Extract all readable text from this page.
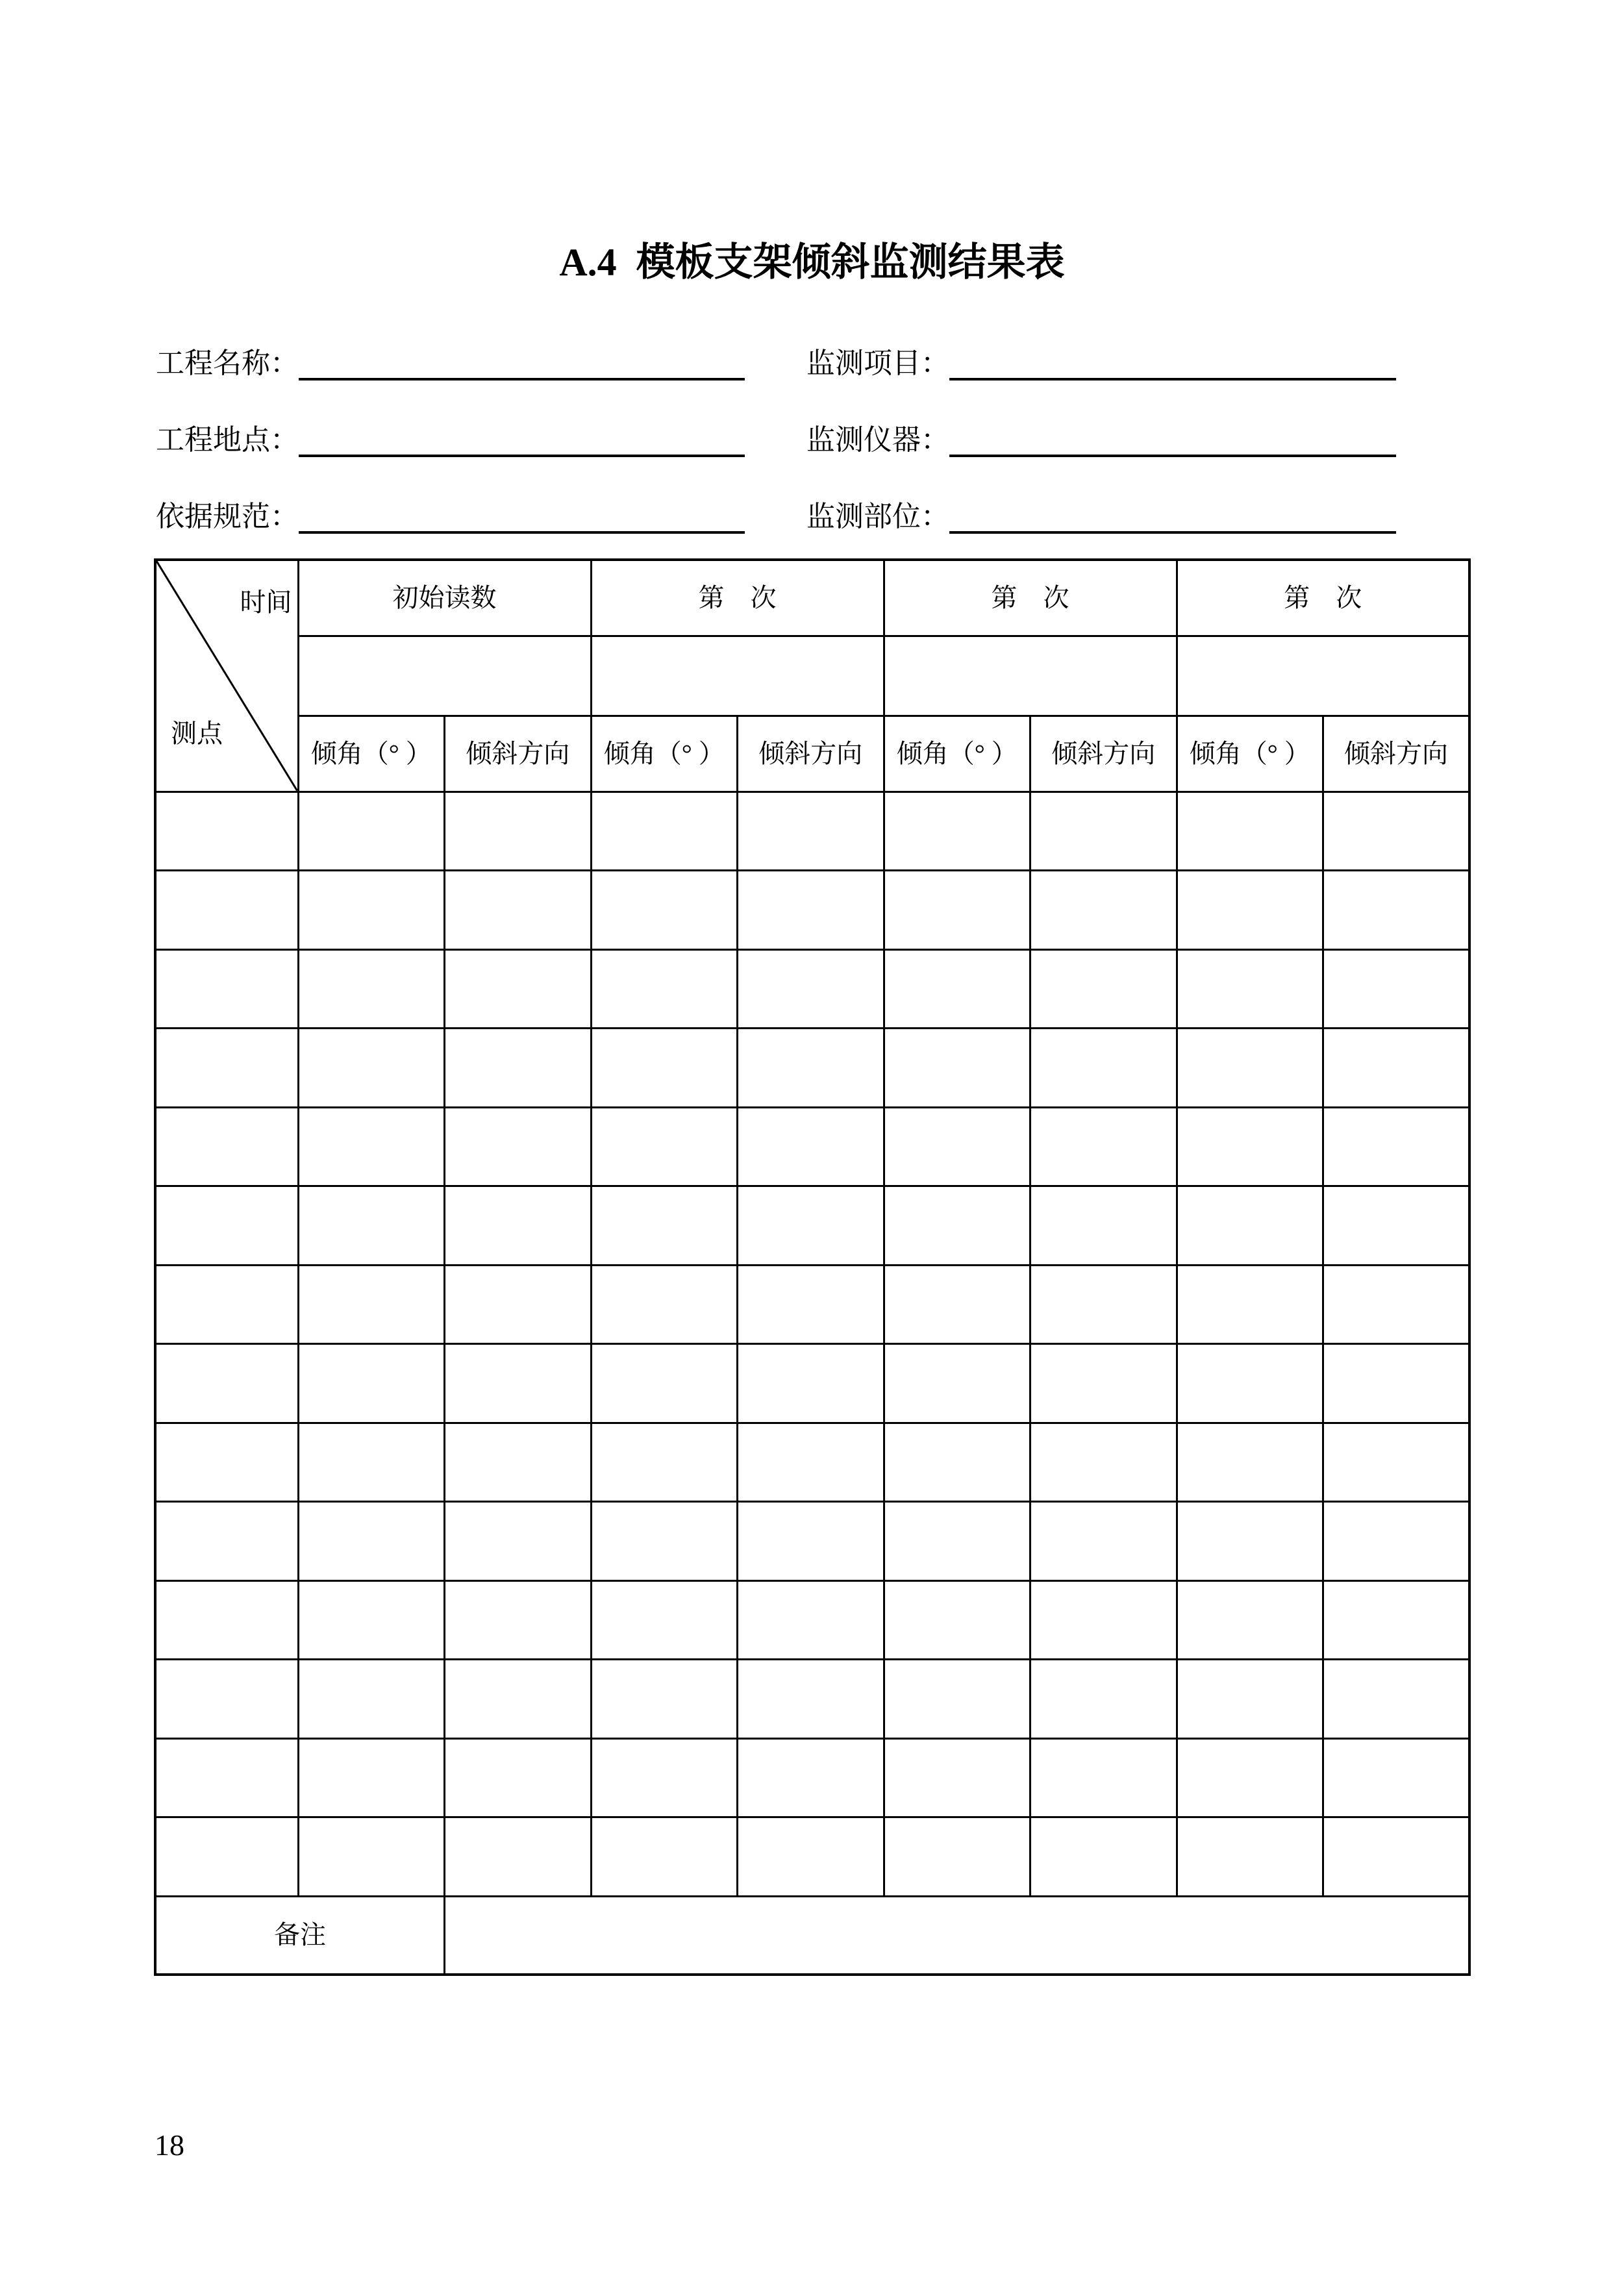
A.4  模板支架倾斜监测结果表
工程名称：
工程地点：
依据规范：
监测项目：
监测仪器：
监测部位：
时间
测点	初始读数		第　次		第　次		第　次	

	倾角（° ）	倾斜方向	倾角（° ）	倾斜方向	倾角（° ）	倾斜方向	倾角（° ）	倾斜方向

备注								
18
